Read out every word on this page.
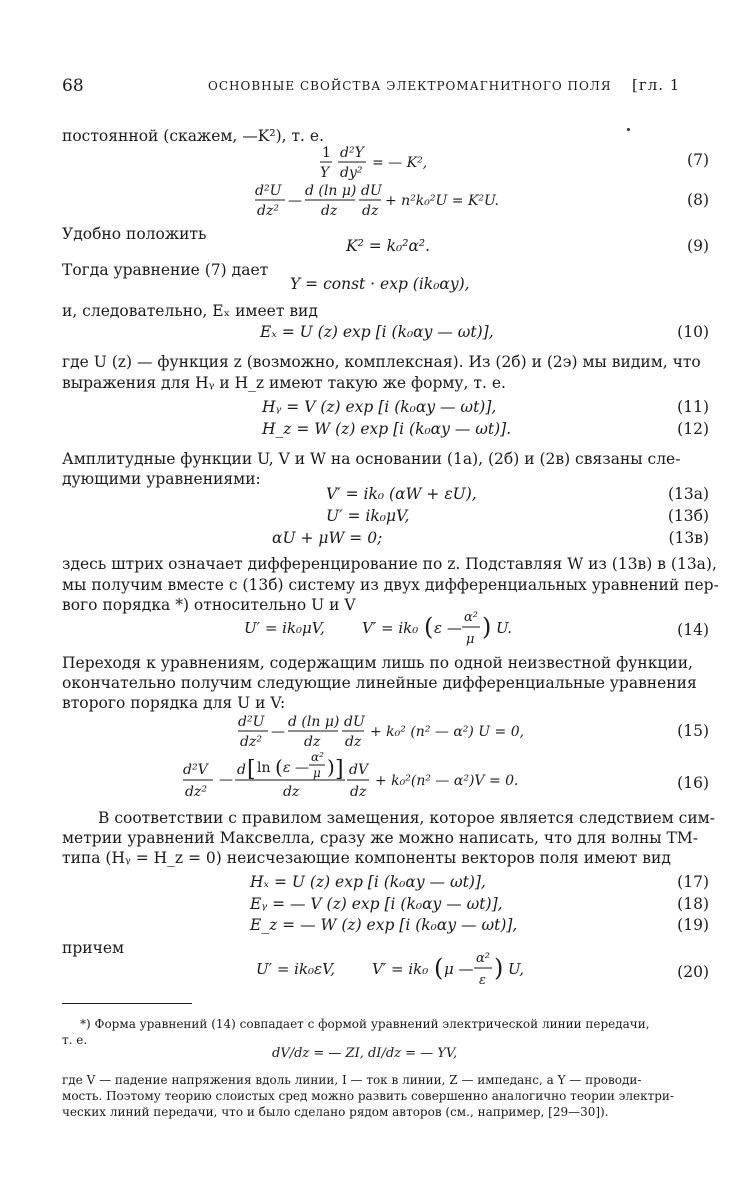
68	ОСНОВНЫЕ СВОЙСТВА ЭЛЕКТРОМАГНИТНОГО ПОЛЯ [гл. 1
постоянной (скажем, —K²), т. е.
1
Y
d²Y
dy²
= — K²,	(7)
d²U
dz²
—
d (ln μ)
dz
dU
dz
+ n²k₀²U = K²U.	(8)
Удобно положить
K² = k₀²α².	(9)
Тогда уравнение (7) дает
Y = const · exp (ik₀αy),
и, следовательно, Eₓ имеет вид
Eₓ = U (z) exp [i (k₀αy — ωt)],	(10)
где U (z) — функция z (возможно, комплексная). Из (2б) и (2э) мы видим, что
выражения для Hᵧ и H_z имеют такую же форму, т. е.
Hᵧ = V (z) exp [i (k₀αy — ωt)],	(11)
H_z = W (z) exp [i (k₀αy — ωt)].	(12)
Амплитудные функции U, V и W на основании (1а), (2б) и (2в) связаны сле-
дующими уравнениями:
V′ = ik₀ (αW + εU),	(13а)
U′ = ik₀μV,	(13б)
αU + μW = 0;	(13в)
здесь штрих означает дифференцирование по z. Подставляя W из (13в) в (13а),
мы получим вместе с (13б) систему из двух дифференциальных уравнений пер-
вого порядка *) относительно U и V
U′ = ik₀μV, V′ = ik₀ ( ε —
α²
μ ) U.	(14)
Переходя к уравнениям, содержащим лишь по одной неизвестной функции,
окончательно получим следующие линейные дифференциальные уравнения
второго порядка для U и V:
d²U
dz²
—
d (ln μ)
dz
dU
dz
+ k₀² (n² — α²) U = 0,	(15)
d²V
dz²
—
d [ ln ( ε —
α²
μ ) ]
dz
dV
dz
+ k₀²(n² — α²)V = 0.	(16)
В соответствии с правилом замещения, которое является следствием сим-
метрии уравнений Максвелла, сразу же можно написать, что для волны ТМ-
типа (Hᵧ = H_z = 0) неисчезающие компоненты векторов поля имеют вид
Hₓ = U (z) exp [i (k₀αy — ωt)],	(17)
Eᵧ = — V (z) exp [i (k₀αy — ωt)],	(18)
E_z = — W (z) exp [i (k₀αy — ωt)],	(19)
причем
U′ = ik₀εV, V′ = ik₀ ( μ —
α²
ε ) U,	(20)
*) Форма уравнений (14) совпадает с формой уравнений электрической линии передачи,
т. е.
dV/dz = — ZI, dI/dz = — YV,
где V — падение напряжения вдоль линии, I — ток в линии, Z — импеданс, а Y — проводи-
мость. Поэтому теорию слоистых сред можно развить совершенно аналогично теории электри-
ческих линий передачи, что и было сделано рядом авторов (см., например, [29—30]).
